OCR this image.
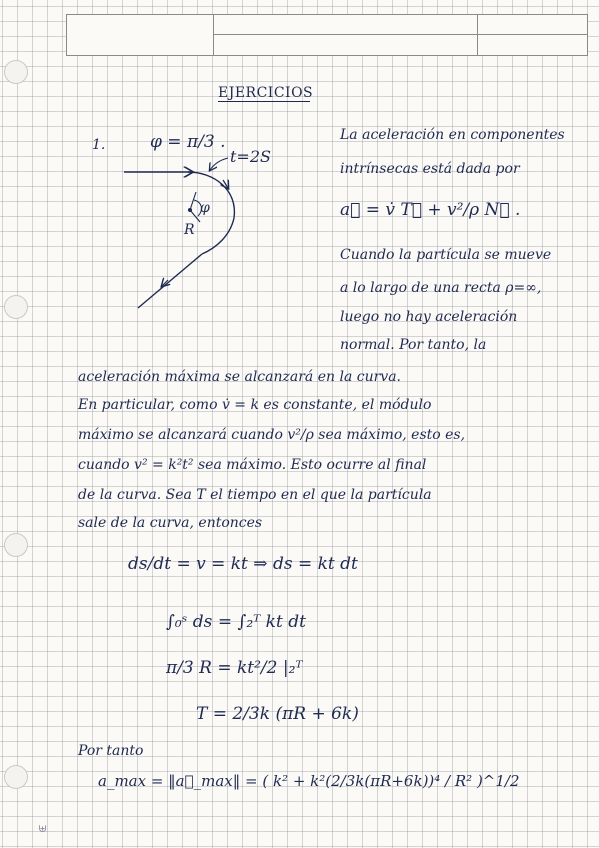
EJERCICIOS
1.	φ = π/3 .
t=2S
φ
R
La aceleración en componentes
intrínsecas está dada por
a⃗ = v̇ T⃗ + v²/ρ N⃗ .
Cuando la partícula se mueve
a lo largo de una recta ρ=∞,
luego no hay aceleración
normal. Por tanto, la
aceleración máxima se alcanzará en la curva.
En particular, como v̇ = k es constante, el módulo
máximo se alcanzará cuando v²/ρ sea máximo, esto es,
cuando v² = k²t² sea máximo. Esto ocurre al final
de la curva. Sea T el tiempo en el que la partícula
sale de la curva, entonces
ds/dt = v = kt ⇒ ds = kt dt
∫₀ˢ ds = ∫₂ᵀ kt dt
π/3 R = kt²/2 |₂ᵀ
T = 2/3k (πR + 6k)
Por tanto
a_max = ‖a⃗_max‖ = ( k² + k²(2/3k(πR+6k))⁴ / R² )^1/2
⊎
